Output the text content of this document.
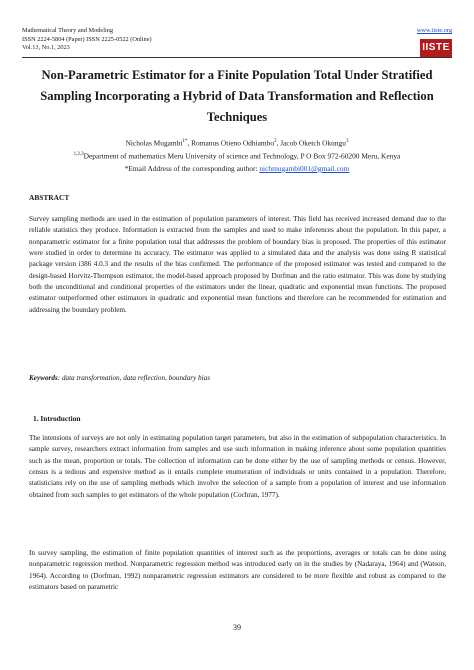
Mathematical Theory and Modeling
ISSN 2224-5804 (Paper) ISSN 2225-0522 (Online)
Vol.13, No.1, 2023
www.iiste.org
IISTE
Non-Parametric Estimator for a Finite Population Total Under Stratified Sampling Incorporating a Hybrid of Data Transformation and Reflection Techniques
Nicholas Mugambi$^{1*}$, Romanus Otieno Odhiambo$^2$, Jacob Oketch Okungu$^3$
$^{1,2,3}$Department of mathematics Meru University of science and Technology, P O Box 972-60200 Meru, Kenya
*Email Address of the corresponding author: nichmugambi001@gmail.com
ABSTRACT
Survey sampling methods are used in the estimation of population parameters of interest. This field has received increased demand due to the reliable statistics they produce. Information is extracted from the samples and used to make inferences about the population. In this paper, a nonparametric estimator for a finite population total that addresses the problem of boundary bias is proposed. The properties of this estimator were studied in order to determine its accuracy. The estimator was applied to a simulated data and the analysis was done using R statistical package version i386 4.0.3 and the results of the bias confirmed. The performance of the proposed estimator was tested and compared to the design-based Horvitz-Thompson estimator, the model-based approach proposed by Dorfman and the ratio estimator. This was done by studying both the unconditional and conditional properties of the estimators under the linear, quadratic and exponential mean functions. The proposed estimator outperformed other estimators in quadratic and exponential mean functions and therefore can be recommended for estimation and addressing the boundary problem.
Keywords: data transformation, data reflection, boundary bias
1. Introduction
The intensions of surveys are not only in estimating population target parameters, but also in the estimation of subpopulation characteristics. In sample survey, researchers extract information from samples and use such information in making inference about some population quantities such as the mean, proportion or totals. The collection of information can be done either by the use of sampling methods or census. However, census is a tedious and expensive method as it entails complete enumeration of individuals or units contained in a population. Therefore, statisticians rely on the use of sampling methods which involve the selection of a sample from a population of interest and use information obtained from such samples to get estimators of the whole population (Cochran, 1977).
In survey sampling, the estimation of finite population quantities of interest such as the proportions, averages or totals can be done using nonparametric regression method. Nonparametric regression method was introduced early on in the studies by (Nadaraya, 1964) and (Watson, 1964). According to (Dorfman, 1992) nonparametric regression estimators are considered to be more flexible and robust as compared to the estimators based on parametric
39
